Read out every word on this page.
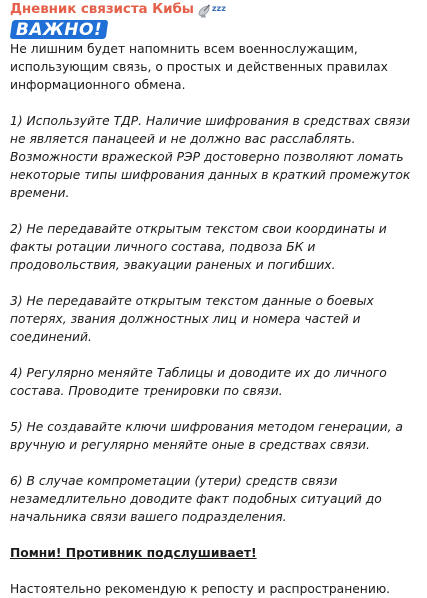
Дневник связиста Кибы zzz
ВАЖНО!

Не лишним будет напомнить всем военнослужащим, использующим связь, о простых и действенных правилах информационного обмена.

1) Используйте ТДР. Наличие шифрования в средствах связи не является панацеей и не должно вас расслаблять. Возможности вражеской РЭР достоверно позволяют ломать некоторые типы шифрования данных в краткий промежуток времени.

2) Не передавайте открытым текстом свои координаты и факты ротации личного состава, подвоза БК и продовольствия, эвакуации раненых и погибших.

3) Не передавайте открытым текстом данные о боевых потерях, звания должностных лиц и номера частей и соединений.

4) Регулярно меняйте Таблицы и доводите их до личного состава. Проводите тренировки по связи.

5) Не создавайте ключи шифрования методом генерации, а вручную и регулярно меняйте оные в средствах связи.

6) В случае компрометации (утери) средств связи незамедлительно доводите факт подобных ситуаций до начальника связи вашего подразделения.

Помни! Противник подслушивает!

Настоятельно рекомендую к репосту и распространению.
